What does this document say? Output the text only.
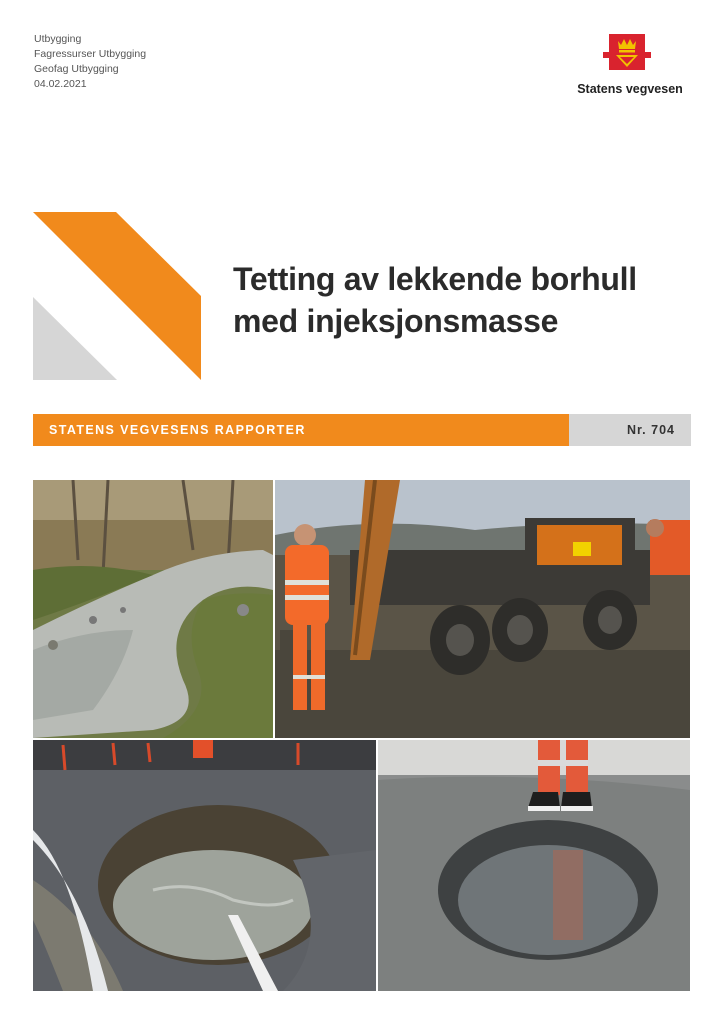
Utbygging
Fagressurser Utbygging
Geofag Utbygging
04.02.2021	Statens vegvesen
Tetting av lekkende borhull
med injeksjonsmasse
STATENS VEGVESENS RAPPORTER	Nr. 704
